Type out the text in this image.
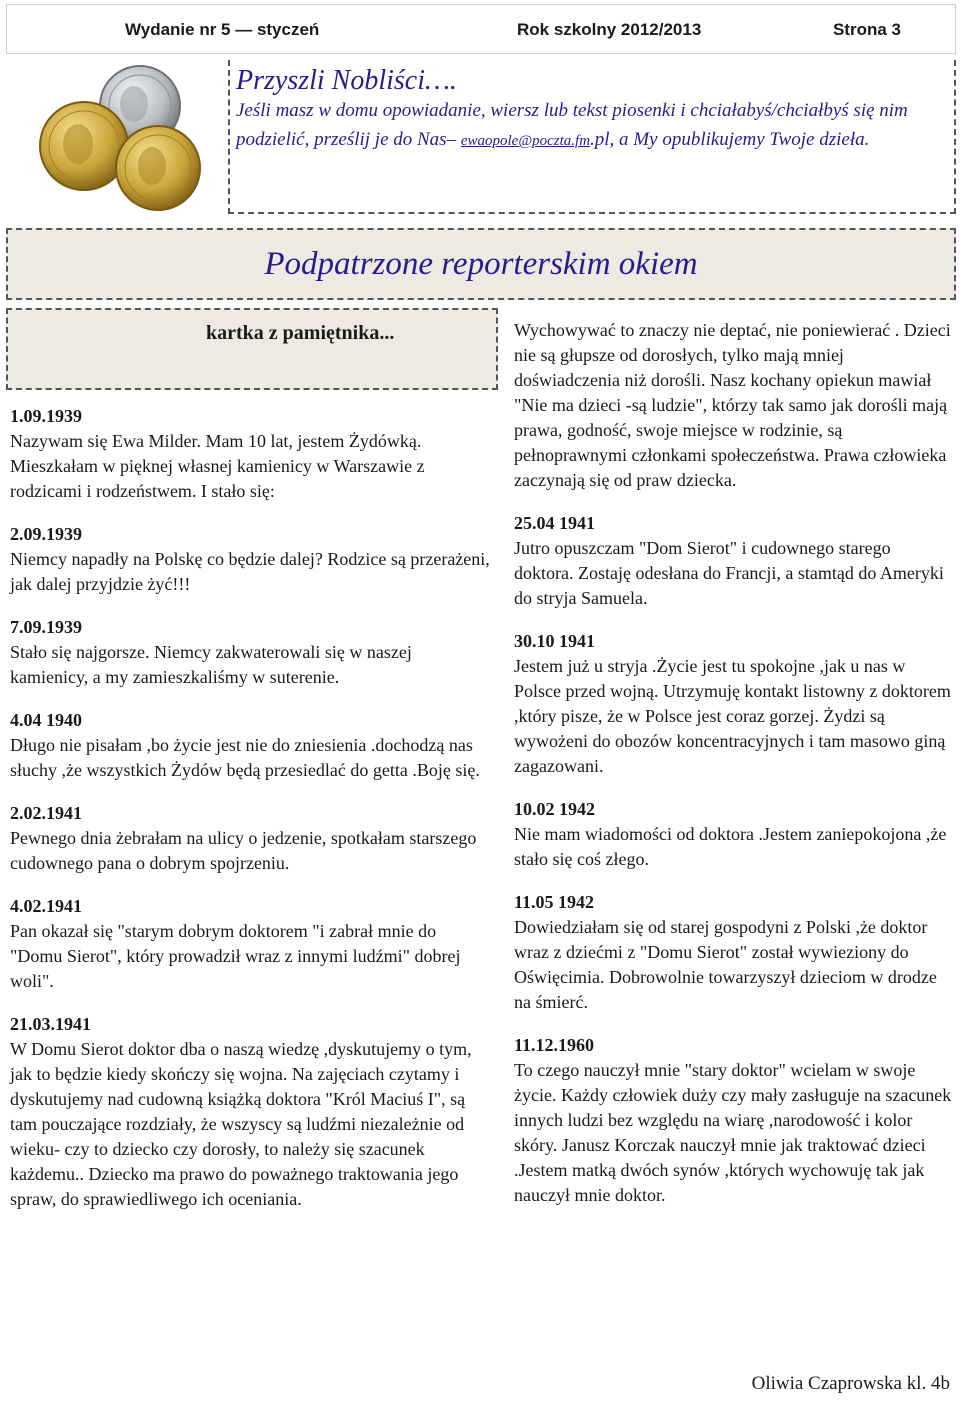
Wydanie nr 5 — styczeń	Rok szkolny 2012/2013	Strona 3
Przyszli Nobliści….
Jeśli masz w domu opowiadanie, wiersz lub tekst piosenki i chciałabyś/chciałbyś się nim podzielić, prześlij je do Nas– ewaopole@poczta.fm.pl, a My opublikujemy Twoje dzieła.
Podpatrzone reporterskim okiem
kartka z pamiętnika...
1.09.1939

Nazywam się Ewa Milder. Mam 10 lat, jestem Żydówką. Mieszkałam w pięknej własnej kamienicy w Warszawie z rodzicami i rodzeństwem. I stało się:

2.09.1939

Niemcy napadły na Polskę co będzie dalej? Rodzice są przerażeni, jak dalej przyjdzie żyć!!!

7.09.1939

Stało się najgorsze. Niemcy zakwaterowali się w naszej kamienicy, a my zamieszkaliśmy w suterenie.

4.04 1940

Długo nie pisałam ,bo życie jest nie do zniesienia .dochodzą nas słuchy ,że wszystkich Żydów będą przesiedlać do getta .Boję się.

2.02.1941

Pewnego dnia żebrałam na ulicy o jedzenie, spotkałam starszego cudownego pana o dobrym spojrzeniu.

4.02.1941

Pan okazał się "starym dobrym doktorem "i zabrał mnie do "Domu Sierot", który prowadził wraz z innymi ludźmi" dobrej woli".

21.03.1941

W Domu Sierot doktor dba o naszą wiedzę ,dyskutujemy o tym, jak to będzie kiedy skończy się wojna. Na zajęciach czytamy i dyskutujemy nad cudowną książką doktora "Król Maciuś I", są tam pouczające rozdziały, że wszyscy są ludźmi niezależnie od wieku- czy to dziecko czy dorosły, to należy się szacunek każdemu.. Dziecko ma prawo do poważnego traktowania jego spraw, do sprawiedliwego ich oceniania.

Wychowywać to znaczy nie deptać, nie poniewierać . Dzieci nie są głupsze od dorosłych, tylko mają mniej doświadczenia niż dorośli. Nasz kochany opiekun mawiał "Nie ma dzieci -są ludzie", którzy tak samo jak dorośli mają prawa, godność, swoje miejsce w rodzinie, są pełnoprawnymi członkami społeczeństwa. Prawa człowieka zaczynają się od praw dziecka.

25.04 1941

Jutro opuszczam "Dom Sierot" i cudownego starego doktora. Zostaję odesłana do Francji, a stamtąd do Ameryki do stryja Samuela.

30.10 1941

Jestem już u stryja .Życie jest tu spokojne ,jak u nas w Polsce przed wojną. Utrzymuję kontakt listowny z doktorem ,który pisze, że w Polsce jest coraz gorzej. Żydzi są wywożeni do obozów koncentracyjnych i tam masowo giną zagazowani.

10.02 1942

Nie mam wiadomości od doktora .Jestem zaniepokojona ,że stało się coś złego.

11.05 1942

Dowiedziałam się od starej gospodyni z Polski ,że doktor wraz z dziećmi z "Domu Sierot" został wywieziony do Oświęcimia. Dobrowolnie towarzyszył dzieciom w drodze na śmierć.

11.12.1960

To czego nauczył mnie "stary doktor" wcielam w swoje życie. Każdy człowiek duży czy mały zasługuje na szacunek innych ludzi bez względu na wiarę ,narodowość i kolor skóry. Janusz Korczak nauczył mnie jak traktować dzieci .Jestem matką dwóch synów ,których wychowuję tak jak nauczył mnie doktor.

Oliwia Czaprowska kl. 4b
